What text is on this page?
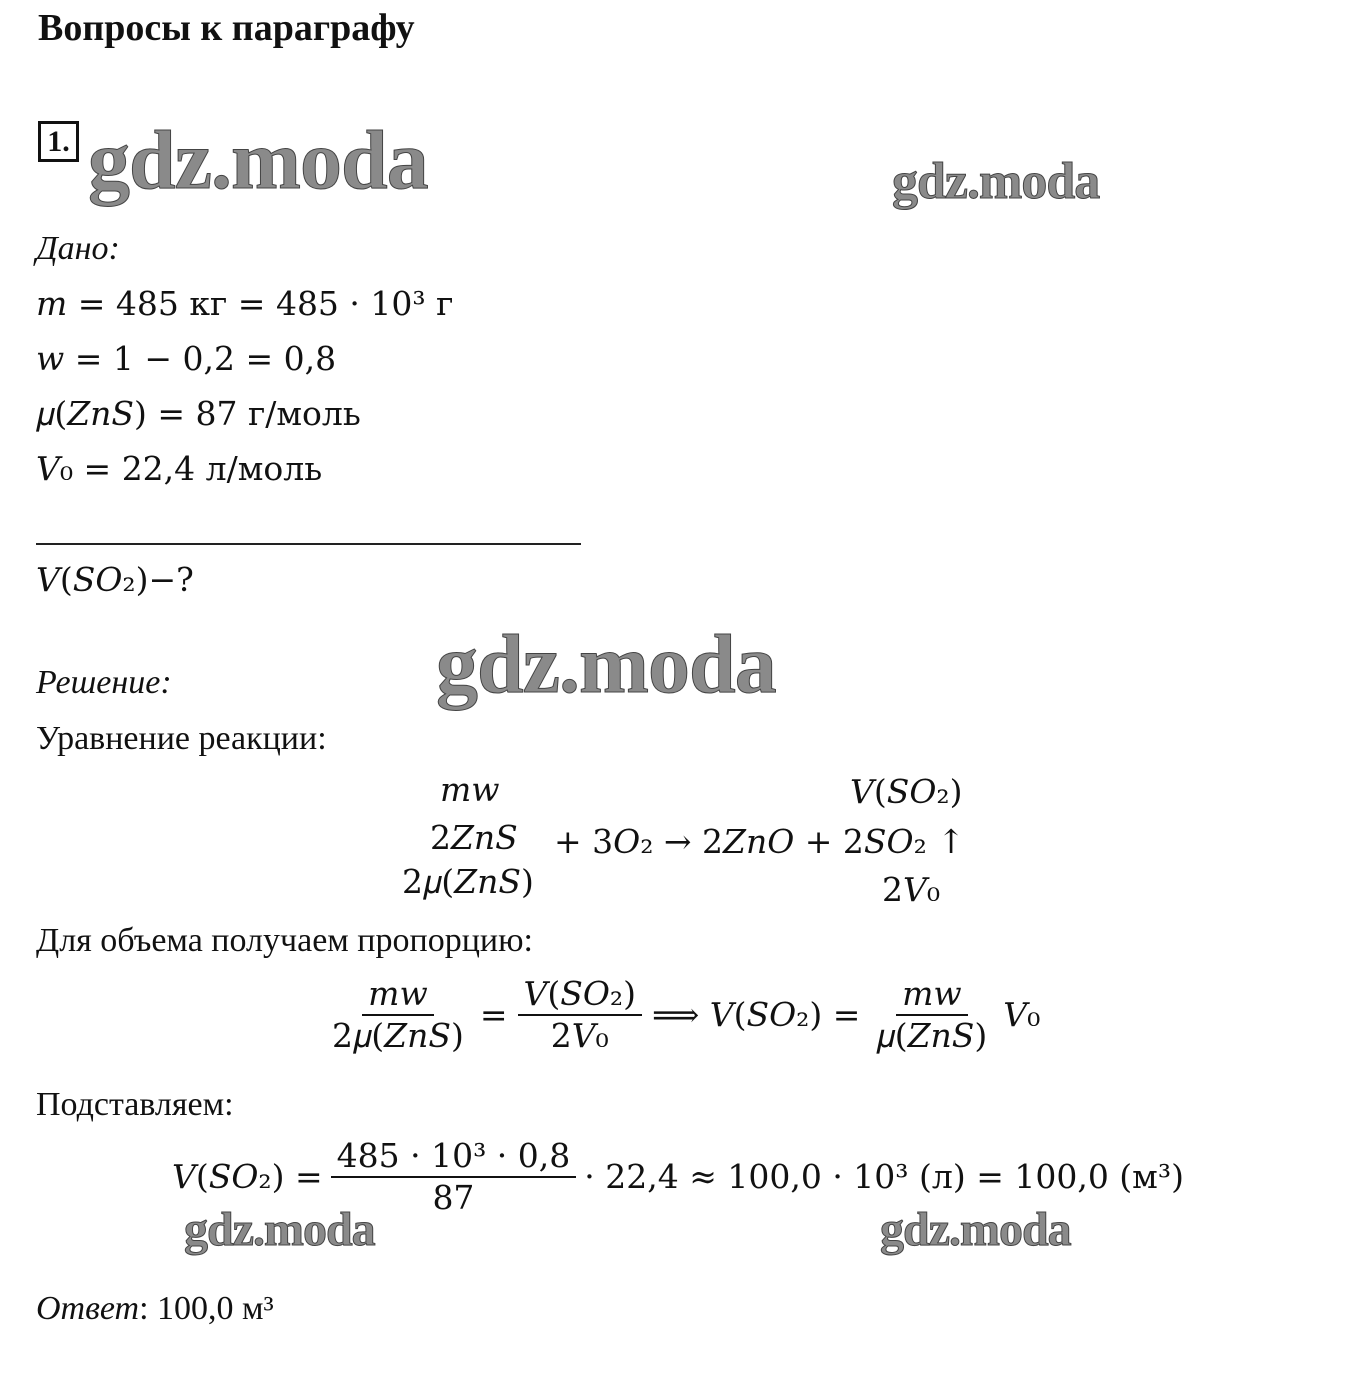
Вопросы к параграфу
1. gdz.moda	gdz.moda
gdz.moda
gdz.moda	gdz.moda
Дано:
𝑚 = 485 кг = 485 · 10³ г
𝑤 = 1 − 0,2 = 0,8
𝜇(𝑍𝑛𝑆) = 87 г/моль
𝑉₀ = 22,4 л/моль
𝑉(𝑆𝑂₂)−?
Решение:
Уравнение реакции:
𝑚𝑤	𝑉(𝑆𝑂₂)
2𝑍𝑛𝑆 + 3𝑂₂ → 2𝑍𝑛𝑂 + 2𝑆𝑂₂ ↑
2𝜇(𝑍𝑛𝑆)	2𝑉₀
Для объема получаем пропорцию:
$\frac{\text{𝑚𝑤}}{\text{2𝜇(𝑍𝑛𝑆)}} = \frac{\text{𝑉(𝑆𝑂₂)}}{\text{2𝑉₀}}$ ⟹ 𝑉(𝑆𝑂₂) = $\frac{\text{𝑚𝑤}}{\text{𝜇(𝑍𝑛𝑆)}}$ 𝑉₀
Подставляем:
𝑉(𝑆𝑂₂) = $\frac{\text{485 · 10³ · 0,8}}{87} \cdot 22,4 \approx 100,0 \cdot 10^3$ (л) = 100,0 (м³)
Ответ: 100,0 м³
